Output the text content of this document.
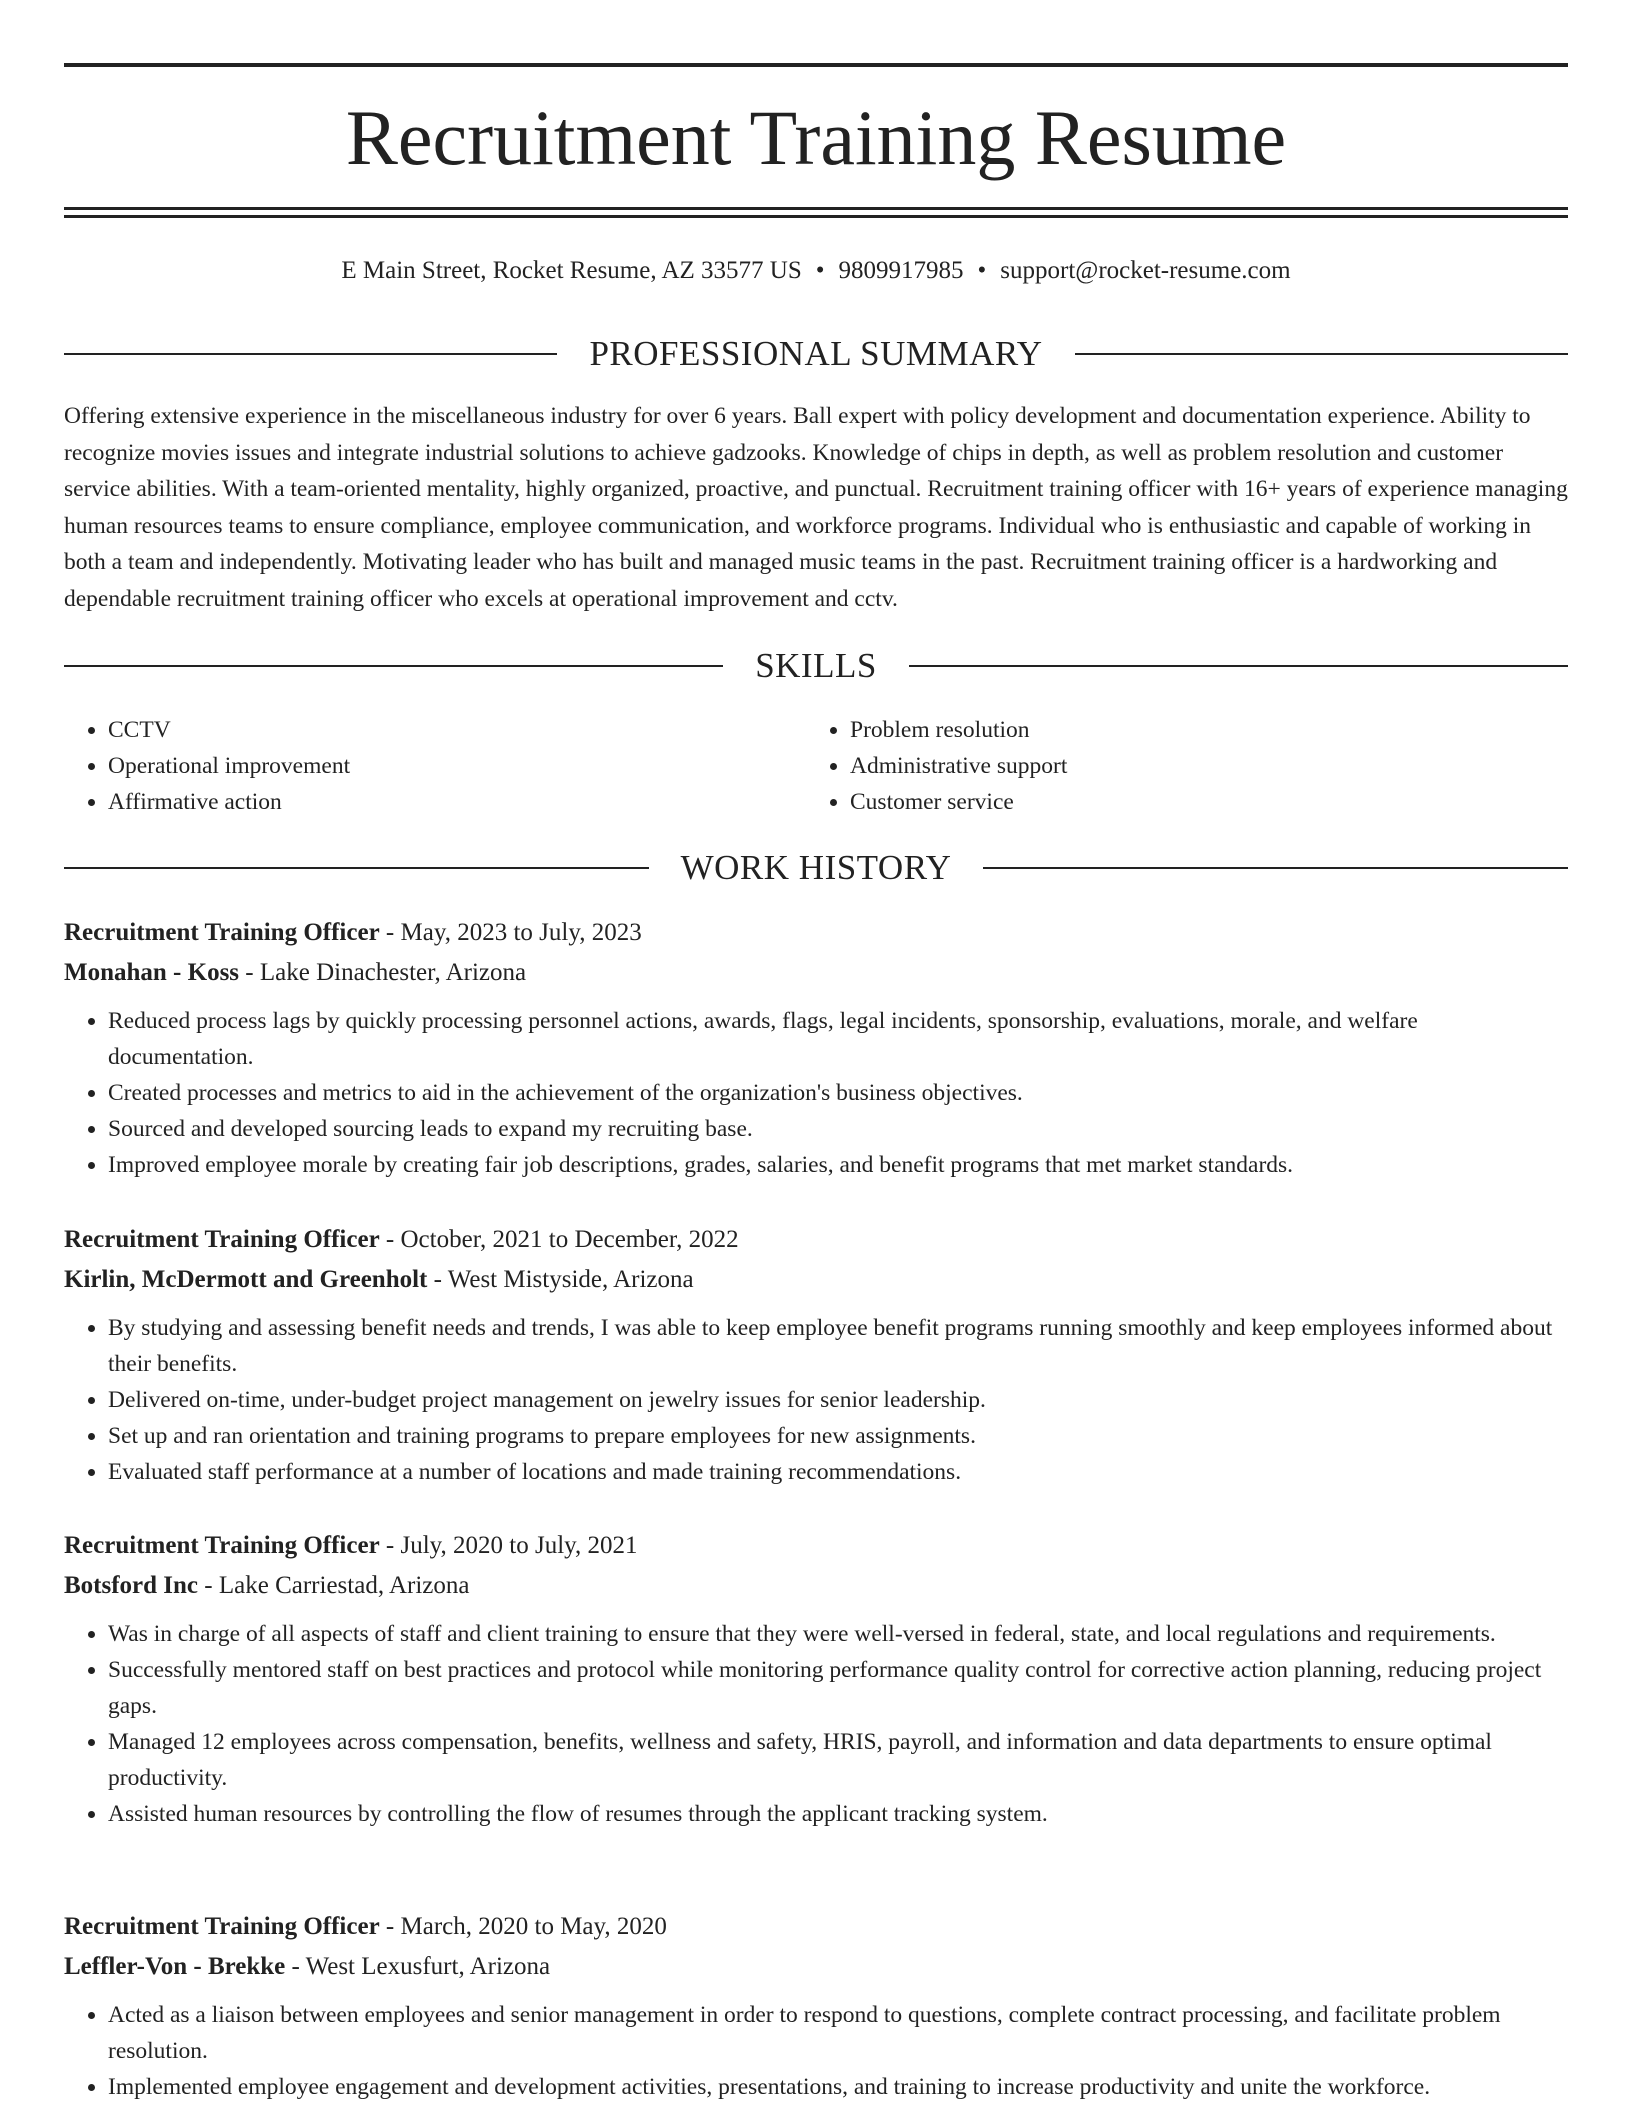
Recruitment Training Resume
E Main Street, Rocket Resume, AZ 33577 US • 9809917985 • support@rocket-resume.com
PROFESSIONAL SUMMARY

Offering extensive experience in the miscellaneous industry for over 6 years. Ball expert with policy development and documentation experience. Ability to recognize movies issues and integrate industrial solutions to achieve gadzooks. Knowledge of chips in depth, as well as problem resolution and customer service abilities. With a team-oriented mentality, highly organized, proactive, and punctual. Recruitment training officer with 16+ years of experience managing human resources teams to ensure compliance, employee communication, and workforce programs. Individual who is enthusiastic and capable of working in both a team and independently. Motivating leader who has built and managed music teams in the past. Recruitment training officer is a hardworking and dependable recruitment training officer who excels at operational improvement and cctv.

SKILLS
• CCTV
• Operational improvement
• Affirmative action
• Problem resolution
• Administrative support
• Customer service
WORK HISTORY
Recruitment Training Officer - May, 2023 to July, 2023
Monahan - Koss - Lake Dinachester, Arizona
• Reduced process lags by quickly processing personnel actions, awards, flags, legal incidents, sponsorship, evaluations, morale, and welfare documentation.
• Created processes and metrics to aid in the achievement of the organization's business objectives.
• Sourced and developed sourcing leads to expand my recruiting base.
• Improved employee morale by creating fair job descriptions, grades, salaries, and benefit programs that met market standards.
Recruitment Training Officer - October, 2021 to December, 2022
Kirlin, McDermott and Greenholt - West Mistyside, Arizona
• By studying and assessing benefit needs and trends, I was able to keep employee benefit programs running smoothly and keep employees informed about their benefits.
• Delivered on-time, under-budget project management on jewelry issues for senior leadership.
• Set up and ran orientation and training programs to prepare employees for new assignments.
• Evaluated staff performance at a number of locations and made training recommendations.
Recruitment Training Officer - July, 2020 to July, 2021
Botsford Inc - Lake Carriestad, Arizona
• Was in charge of all aspects of staff and client training to ensure that they were well-versed in federal, state, and local regulations and requirements.
• Successfully mentored staff on best practices and protocol while monitoring performance quality control for corrective action planning, reducing project gaps.
• Managed 12 employees across compensation, benefits, wellness and safety, HRIS, payroll, and information and data departments to ensure optimal productivity.
• Assisted human resources by controlling the flow of resumes through the applicant tracking system.
Recruitment Training Officer - March, 2020 to May, 2020
Leffler-Von - Brekke - West Lexusfurt, Arizona
• Acted as a liaison between employees and senior management in order to respond to questions, complete contract processing, and facilitate problem resolution.
• Implemented employee engagement and development activities, presentations, and training to increase productivity and unite the workforce.
